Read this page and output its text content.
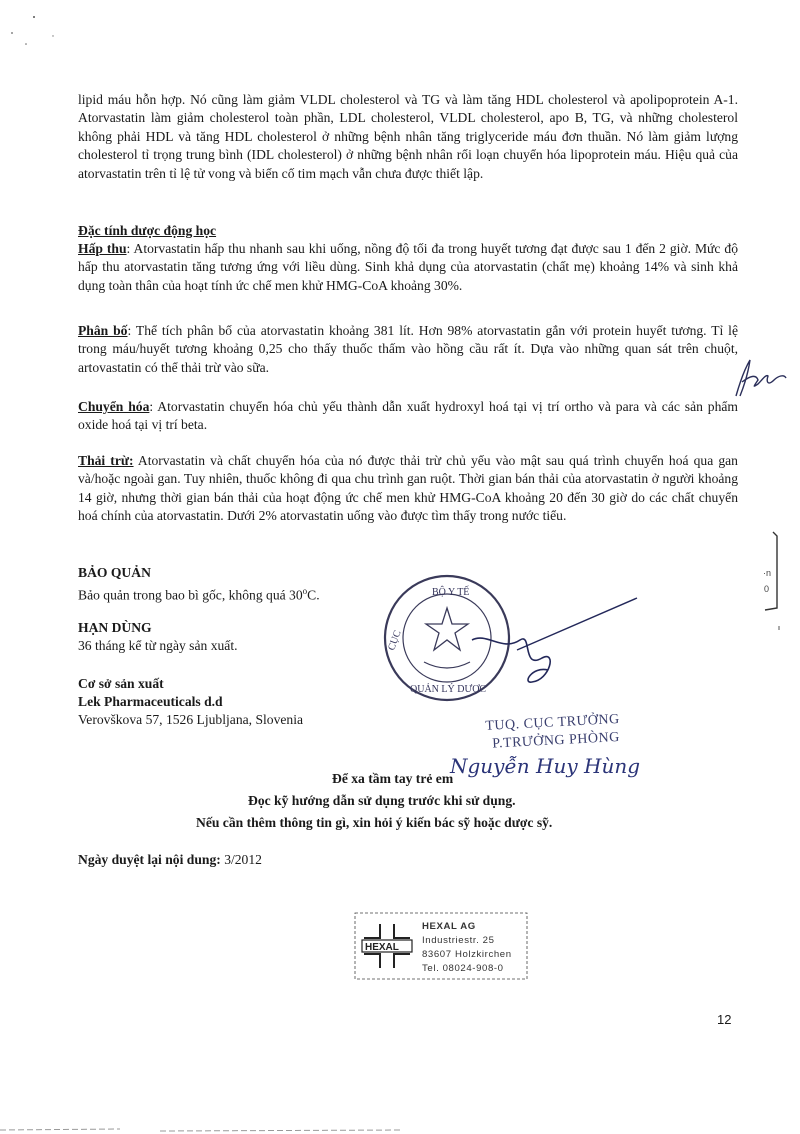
lipid máu hỗn hợp. Nó cũng làm giảm VLDL cholesterol và TG và làm tăng HDL cholesterol và apolipoprotein A-1. Atorvastatin làm giảm cholesterol toàn phần, LDL cholesterol, VLDL cholesterol, apo B, TG, và những cholesterol không phải HDL và tăng HDL cholesterol ở những bệnh nhân tăng triglyceride máu đơn thuần. Nó làm giảm lượng cholesterol tỉ trọng trung bình (IDL cholesterol) ở những bệnh nhân rối loạn chuyển hóa lipoprotein máu. Hiệu quả của atorvastatin trên tỉ lệ tử vong và biến cố tim mạch vẫn chưa được thiết lập.

Đặc tính dược động học

Hấp thu: Atorvastatin hấp thu nhanh sau khi uống, nồng độ tối đa trong huyết tương đạt được sau 1 đến 2 giờ. Mức độ hấp thu atorvastatin tăng tương ứng với liều dùng. Sinh khả dụng của atorvastatin (chất mẹ) khoảng 14% và sinh khả dụng toàn thân của hoạt tính ức chế men khử HMG-CoA khoảng 30%.

Phân bố: Thể tích phân bố của atorvastatin khoảng 381 lít. Hơn 98% atorvastatin gắn với protein huyết tương. Tỉ lệ trong máu/huyết tương khoảng 0,25 cho thấy thuốc thấm vào hồng cầu rất ít. Dựa vào những quan sát trên chuột, artovastatin có thể thải trừ vào sữa.

Chuyển hóa: Atorvastatin chuyển hóa chủ yếu thành dẫn xuất hydroxyl hoá tại vị trí ortho và para và các sản phẩm oxide hoá tại vị trí beta.

Thải trừ: Atorvastatin và chất chuyển hóa của nó được thải trừ chủ yếu vào mật sau quá trình chuyển hoá qua gan và/hoặc ngoài gan. Tuy nhiên, thuốc không đi qua chu trình gan ruột. Thời gian bán thải của atorvastatin ở người khoảng 14 giờ, nhưng thời gian bán thải của hoạt động ức chế men khử HMG-CoA khoảng 20 đến 30 giờ do các chất chuyển hoá chính của atorvastatin. Dưới 2% atorvastatin uống vào được tìm thấy trong nước tiểu.

·n
0

BẢO QUẢN

Bảo quản trong bao bì gốc, không quá 30$^o$C.

HẠN DÙNG

36 tháng kể từ ngày sản xuất.

Cơ sở sản xuất

Lek Pharmaceuticals d.d

Verovškova 57, 1526 Ljubljana, Slovenia

BỘ Y TẾ
CỤC
QUẢN LÝ DƯỢC
TUQ. CỤC TRƯỞNG
P.TRƯỞNG PHÒNG
Nguyễn Huy Hùng

Để xa tầm tay trẻ em

Đọc kỹ hướng dẫn sử dụng trước khi sử dụng.

Nếu cần thêm thông tin gì, xin hỏi ý kiến bác sỹ hoặc dược sỹ.

Ngày duyệt lại nội dung: 3/2012

HEXAL
HEXAL AG
Industriestr. 25
83607 Holzkirchen
Tel. 08024-908-0
12
